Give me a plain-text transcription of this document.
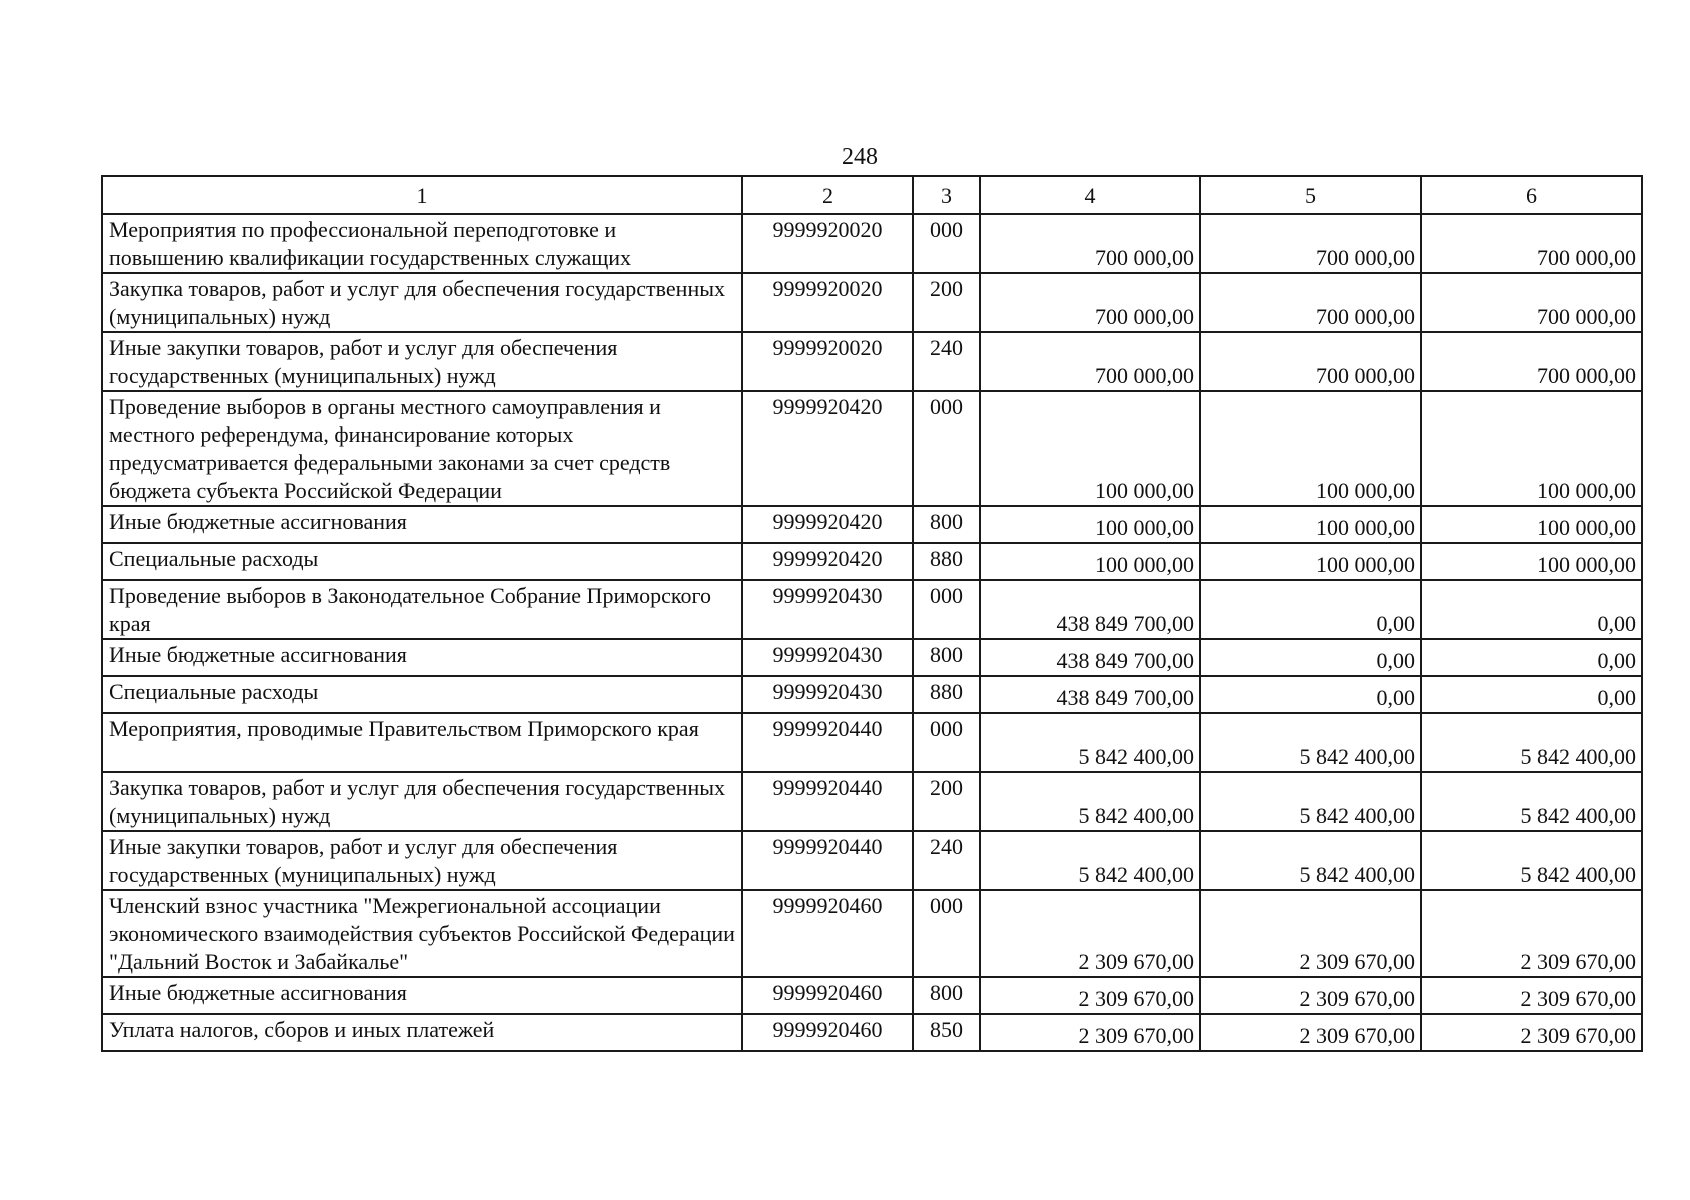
248
1	2	3	4	5	6
Мероприятия по профессиональной переподготовке и повышению квалификации государственных служащих	9999920020	000	700 000,00	700 000,00	700 000,00
Закупка товаров, работ и услуг для обеспечения государственных (муниципальных) нужд	9999920020	200	700 000,00	700 000,00	700 000,00
Иные закупки товаров, работ и услуг для обеспечения государственных (муниципальных) нужд	9999920020	240	700 000,00	700 000,00	700 000,00
Проведение выборов в органы местного самоуправления и местного референдума, финансирование которых предусматривается федеральными законами за счет средств бюджета субъекта Российской Федерации	9999920420	000	100 000,00	100 000,00	100 000,00
Иные бюджетные ассигнования	9999920420	800	100 000,00	100 000,00	100 000,00
Специальные расходы	9999920420	880	100 000,00	100 000,00	100 000,00
Проведение выборов в Законодательное Собрание Приморского края	9999920430	000	438 849 700,00	0,00	0,00
Иные бюджетные ассигнования	9999920430	800	438 849 700,00	0,00	0,00
Специальные расходы	9999920430	880	438 849 700,00	0,00	0,00
Мероприятия, проводимые Правительством Приморского края	9999920440	000	5 842 400,00	5 842 400,00	5 842 400,00
Закупка товаров, работ и услуг для обеспечения государственных (муниципальных) нужд	9999920440	200	5 842 400,00	5 842 400,00	5 842 400,00
Иные закупки товаров, работ и услуг для обеспечения государственных (муниципальных) нужд	9999920440	240	5 842 400,00	5 842 400,00	5 842 400,00
Членский взнос участника "Межрегиональной ассоциации экономического взаимодействия субъектов Российской Федерации "Дальний Восток и Забайкалье"	9999920460	000	2 309 670,00	2 309 670,00	2 309 670,00
Иные бюджетные ассигнования	9999920460	800	2 309 670,00	2 309 670,00	2 309 670,00
Уплата налогов, сборов и иных платежей	9999920460	850	2 309 670,00	2 309 670,00	2 309 670,00
